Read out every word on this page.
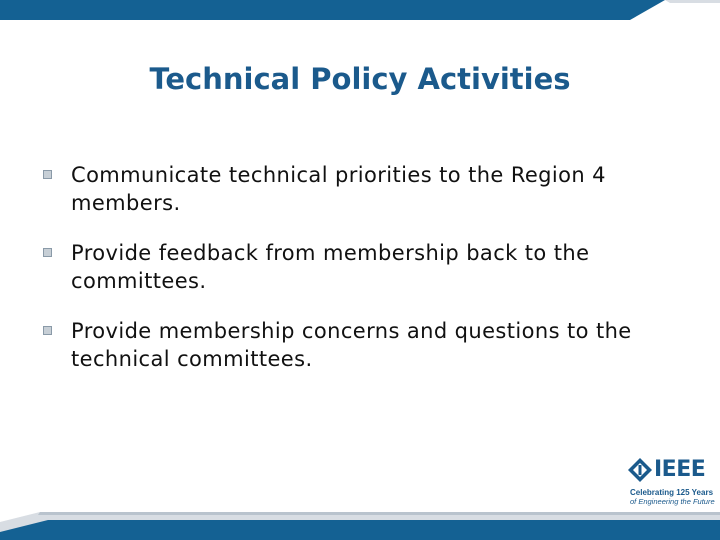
Technical Policy Activities
Communicate technical priorities to the Region 4 members.
Provide feedback from membership back to the committees.
Provide membership concerns and questions to the technical committees.
IEEE
Celebrating 125 Years
of Engineering the Future
